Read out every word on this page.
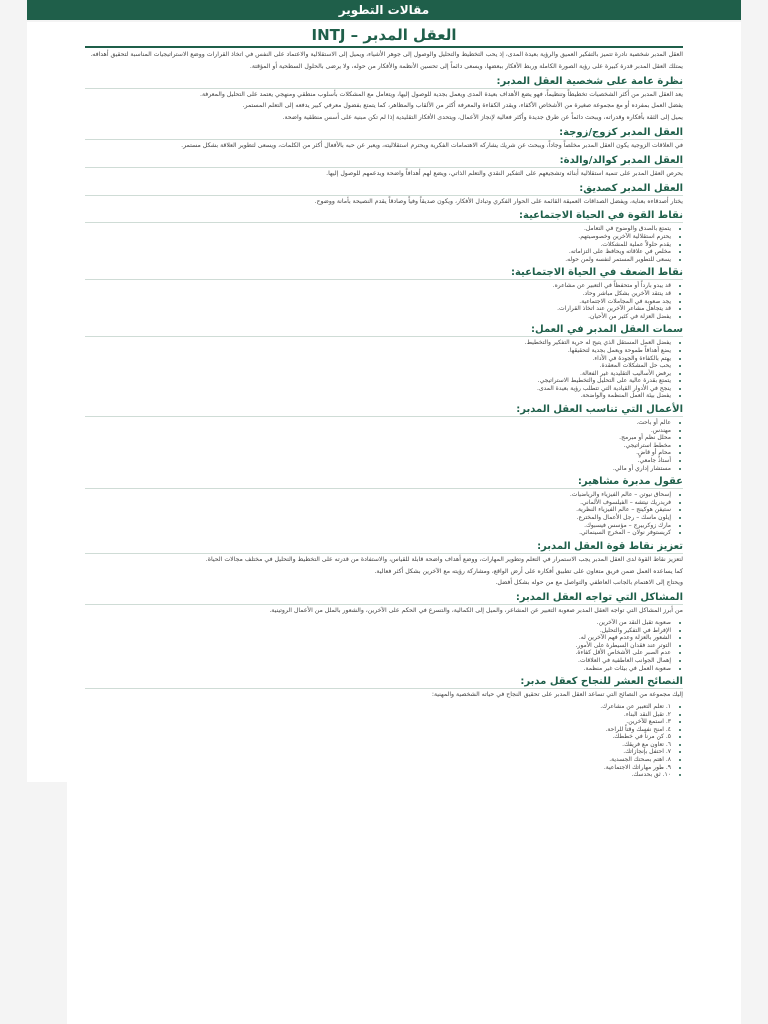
مقالات التطوير
العقل المدبر – INTJ

العقل المدبر شخصية نادرة تتميز بالتفكير العميق والرؤية بعيدة المدى، إذ يحب التخطيط والتحليل والوصول إلى جوهر الأشياء، ويميل إلى الاستقلالية والاعتماد على النفس في اتخاذ القرارات ووضع الاستراتيجيات المناسبة لتحقيق أهدافه.

يمتلك العقل المدبر قدرة كبيرة على رؤية الصورة الكاملة وربط الأفكار ببعضها، ويسعى دائماً إلى تحسين الأنظمة والأفكار من حوله، ولا يرضى بالحلول السطحية أو المؤقتة.

نظرة عامة على شخصية العقل المدبر:

يعد العقل المدبر من أكثر الشخصيات تخطيطاً وتنظيماً، فهو يضع الأهداف بعيدة المدى ويعمل بجدية للوصول إليها، ويتعامل مع المشكلات بأسلوب منطقي ومنهجي يعتمد على التحليل والمعرفة.

يفضل العمل بمفرده أو مع مجموعة صغيرة من الأشخاص الأكفاء، ويقدر الكفاءة والمعرفة أكثر من الألقاب والمظاهر، كما يتمتع بفضول معرفي كبير يدفعه إلى التعلم المستمر.

يميل إلى الثقة بأفكاره وقدراته، ويبحث دائماً عن طرق جديدة وأكثر فعالية لإنجاز الأعمال، ويتحدى الأفكار التقليدية إذا لم تكن مبنية على أسس منطقية واضحة.

العقل المدبر كزوج/زوجة:

في العلاقات الزوجية يكون العقل المدبر مخلصاً وجاداً، ويبحث عن شريك يشاركه الاهتمامات الفكرية ويحترم استقلاليته، ويعبر عن حبه بالأفعال أكثر من الكلمات، ويسعى لتطوير العلاقة بشكل مستمر.

العقل المدبر كوالد/والدة:

يحرص العقل المدبر على تنمية استقلالية أبنائه وتشجيعهم على التفكير النقدي والتعلم الذاتي، ويضع لهم أهدافاً واضحة ويدعمهم للوصول إليها.

العقل المدبر كصديق:

يختار أصدقاءه بعناية، ويفضل الصداقات العميقة القائمة على الحوار الفكري وتبادل الأفكار، ويكون صديقاً وفياً وصادقاً يقدم النصيحة بأمانة ووضوح.

نقاط القوة في الحياة الاجتماعية:
• يتمتع بالصدق والوضوح في التعامل.
• يحترم استقلالية الآخرين وخصوصيتهم.
• يقدم حلولاً عملية للمشكلات.
• مخلص في علاقاته ويحافظ على التزاماته.
• يسعى للتطوير المستمر لنفسه ولمن حوله.
نقاط الضعف في الحياة الاجتماعية:
• قد يبدو بارداً أو متحفظاً في التعبير عن مشاعره.
• قد ينتقد الآخرين بشكل مباشر وحاد.
• يجد صعوبة في المجاملات الاجتماعية.
• قد يتجاهل مشاعر الآخرين عند اتخاذ القرارات.
• يفضل العزلة في كثير من الأحيان.
سمات العقل المدبر في العمل:
• يفضل العمل المستقل الذي يتيح له حرية التفكير والتخطيط.
• يضع أهدافاً طموحة ويعمل بجدية لتحقيقها.
• يهتم بالكفاءة والجودة في الأداء.
• يحب حل المشكلات المعقدة.
• يرفض الأساليب التقليدية غير الفعالة.
• يتمتع بقدرة عالية على التحليل والتخطيط الاستراتيجي.
• ينجح في الأدوار القيادية التي تتطلب رؤية بعيدة المدى.
• يفضل بيئة العمل المنظمة والواضحة.
الأعمال التي تناسب العقل المدبر:
• عالم أو باحث.
• مهندس.
• محلل نظم أو مبرمج.
• مخطط استراتيجي.
• محامٍ أو قاضٍ.
• أستاذ جامعي.
• مستشار إداري أو مالي.
عقول مدبرة مشاهير:
• إسحاق نيوتن – عالم الفيزياء والرياضيات.
• فريدريك نيتشه – الفيلسوف الألماني.
• ستيفن هوكينج – عالم الفيزياء النظرية.
• إيلون ماسك – رجل الأعمال والمخترع.
• مارك زوكربيرج – مؤسس فيسبوك.
• كريستوفر نولان – المخرج السينمائي.
تعزيز نقاط قوة العقل المدبر:

لتعزيز نقاط القوة لدى العقل المدبر يجب الاستمرار في التعلم وتطوير المهارات، ووضع أهداف واضحة قابلة للقياس، والاستفادة من قدرته على التخطيط والتحليل في مختلف مجالات الحياة.

كما يساعده العمل ضمن فريق متعاون على تطبيق أفكاره على أرض الواقع، ومشاركة رؤيته مع الآخرين بشكل أكثر فعالية.

ويحتاج إلى الاهتمام بالجانب العاطفي والتواصل مع من حوله بشكل أفضل.

المشاكل التي تواجه العقل المدبر:

من أبرز المشاكل التي تواجه العقل المدبر صعوبة التعبير عن المشاعر، والميل إلى الكمالية، والتسرع في الحكم على الآخرين، والشعور بالملل من الأعمال الروتينية.

• صعوبة تقبل النقد من الآخرين.
• الإفراط في التفكير والتحليل.
• الشعور بالعزلة وعدم فهم الآخرين له.
• التوتر عند فقدان السيطرة على الأمور.
• عدم الصبر على الأشخاص الأقل كفاءة.
• إهمال الجوانب العاطفية في العلاقات.
• صعوبة العمل في بيئات غير منظمة.
النصائح العشر للنجاح كعقل مدبر:

إليك مجموعة من النصائح التي تساعد العقل المدبر على تحقيق النجاح في حياته الشخصية والمهنية:

• ١. تعلم التعبير عن مشاعرك.
• ٢. تقبل النقد البناء.
• ٣. استمع للآخرين.
• ٤. امنح نفسك وقتاً للراحة.
• ٥. كن مرناً في خططك.
• ٦. تعاون مع فريقك.
• ٧. احتفل بإنجازاتك.
• ٨. اهتم بصحتك الجسدية.
• ٩. طور مهاراتك الاجتماعية.
• ١٠. ثق بحدسك.
